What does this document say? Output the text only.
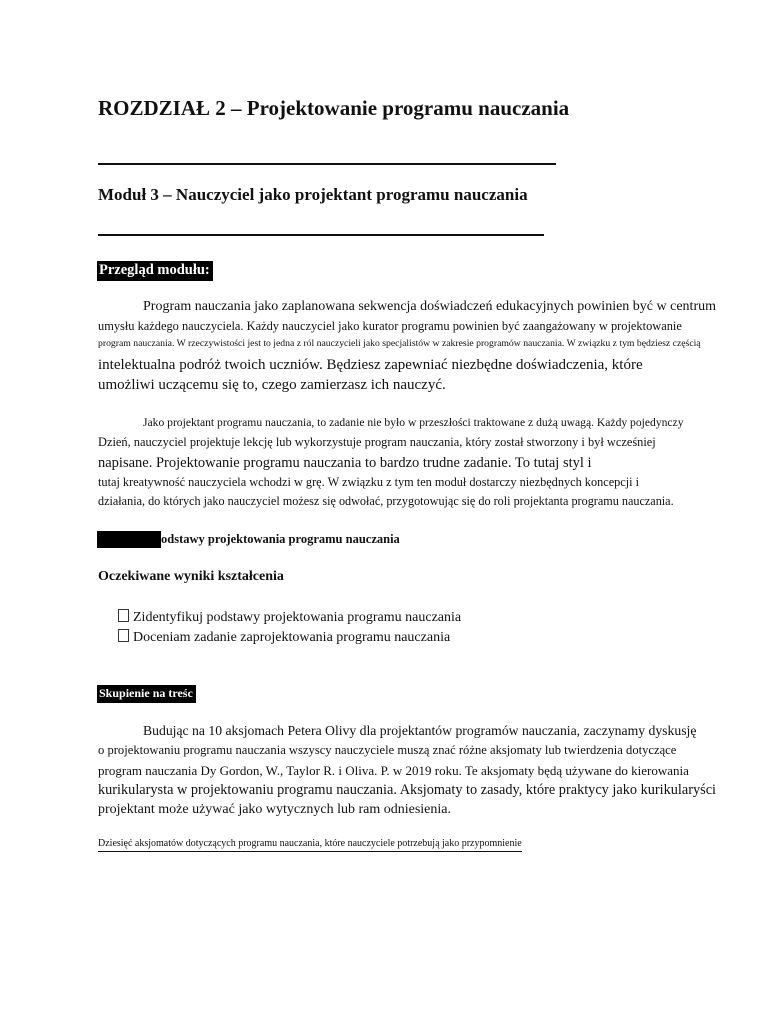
ROZDZIAŁ 2 – Projektowanie programu nauczania
Moduł 3 – Nauczyciel jako projektant programu nauczania
Przegląd modułu:
Program nauczania jako zaplanowana sekwencja doświadczeń edukacyjnych powinien być w centrum
umysłu każdego nauczyciela. Każdy nauczyciel jako kurator programu powinien być zaangażowany w projektowanie
program nauczania. W rzeczywistości jest to jedna z ról nauczycieli jako specjalistów w zakresie programów nauczania. W związku z tym będziesz częścią
intelektualna podróż twoich uczniów. Będziesz zapewniać niezbędne doświadczenia, które
umożliwi uczącemu się to, czego zamierzasz ich nauczyć.
Jako projektant programu nauczania, to zadanie nie było w przeszłości traktowane z dużą uwagą. Każdy pojedynczy
Dzień, nauczyciel projektuje lekcję lub wykorzystuje program nauczania, który został stworzony i był wcześniej
napisane. Projektowanie programu nauczania to bardzo trudne zadanie. To tutaj styl i
tutaj kreatywność nauczyciela wchodzi w grę. W związku z tym ten moduł dostarczy niezbędnych koncepcji i
działania, do których jako nauczyciel możesz się odwołać, przygotowując się do roli projektanta programu nauczania.
odstawy projektowania programu nauczania
Oczekiwane wyniki kształcenia
Zidentyfikuj podstawy projektowania programu nauczania
Doceniam zadanie zaprojektowania programu nauczania
Skupienie na treśc
Budując na 10 aksjomach Petera Olivy dla projektantów programów nauczania, zaczynamy dyskusję
o projektowaniu programu nauczania wszyscy nauczyciele muszą znać różne aksjomaty lub twierdzenia dotyczące
program nauczania Dy Gordon, W., Taylor R. i Oliva. P. w 2019 roku. Te aksjomaty będą używane do kierowania
kurikularysta w projektowaniu programu nauczania. Aksjomaty to zasady, które praktycy jako kurikularyści
projektant może używać jako wytycznych lub ram odniesienia.
Dziesięć aksjomatów dotyczących programu nauczania, które nauczyciele potrzebują jako przypomnienie
